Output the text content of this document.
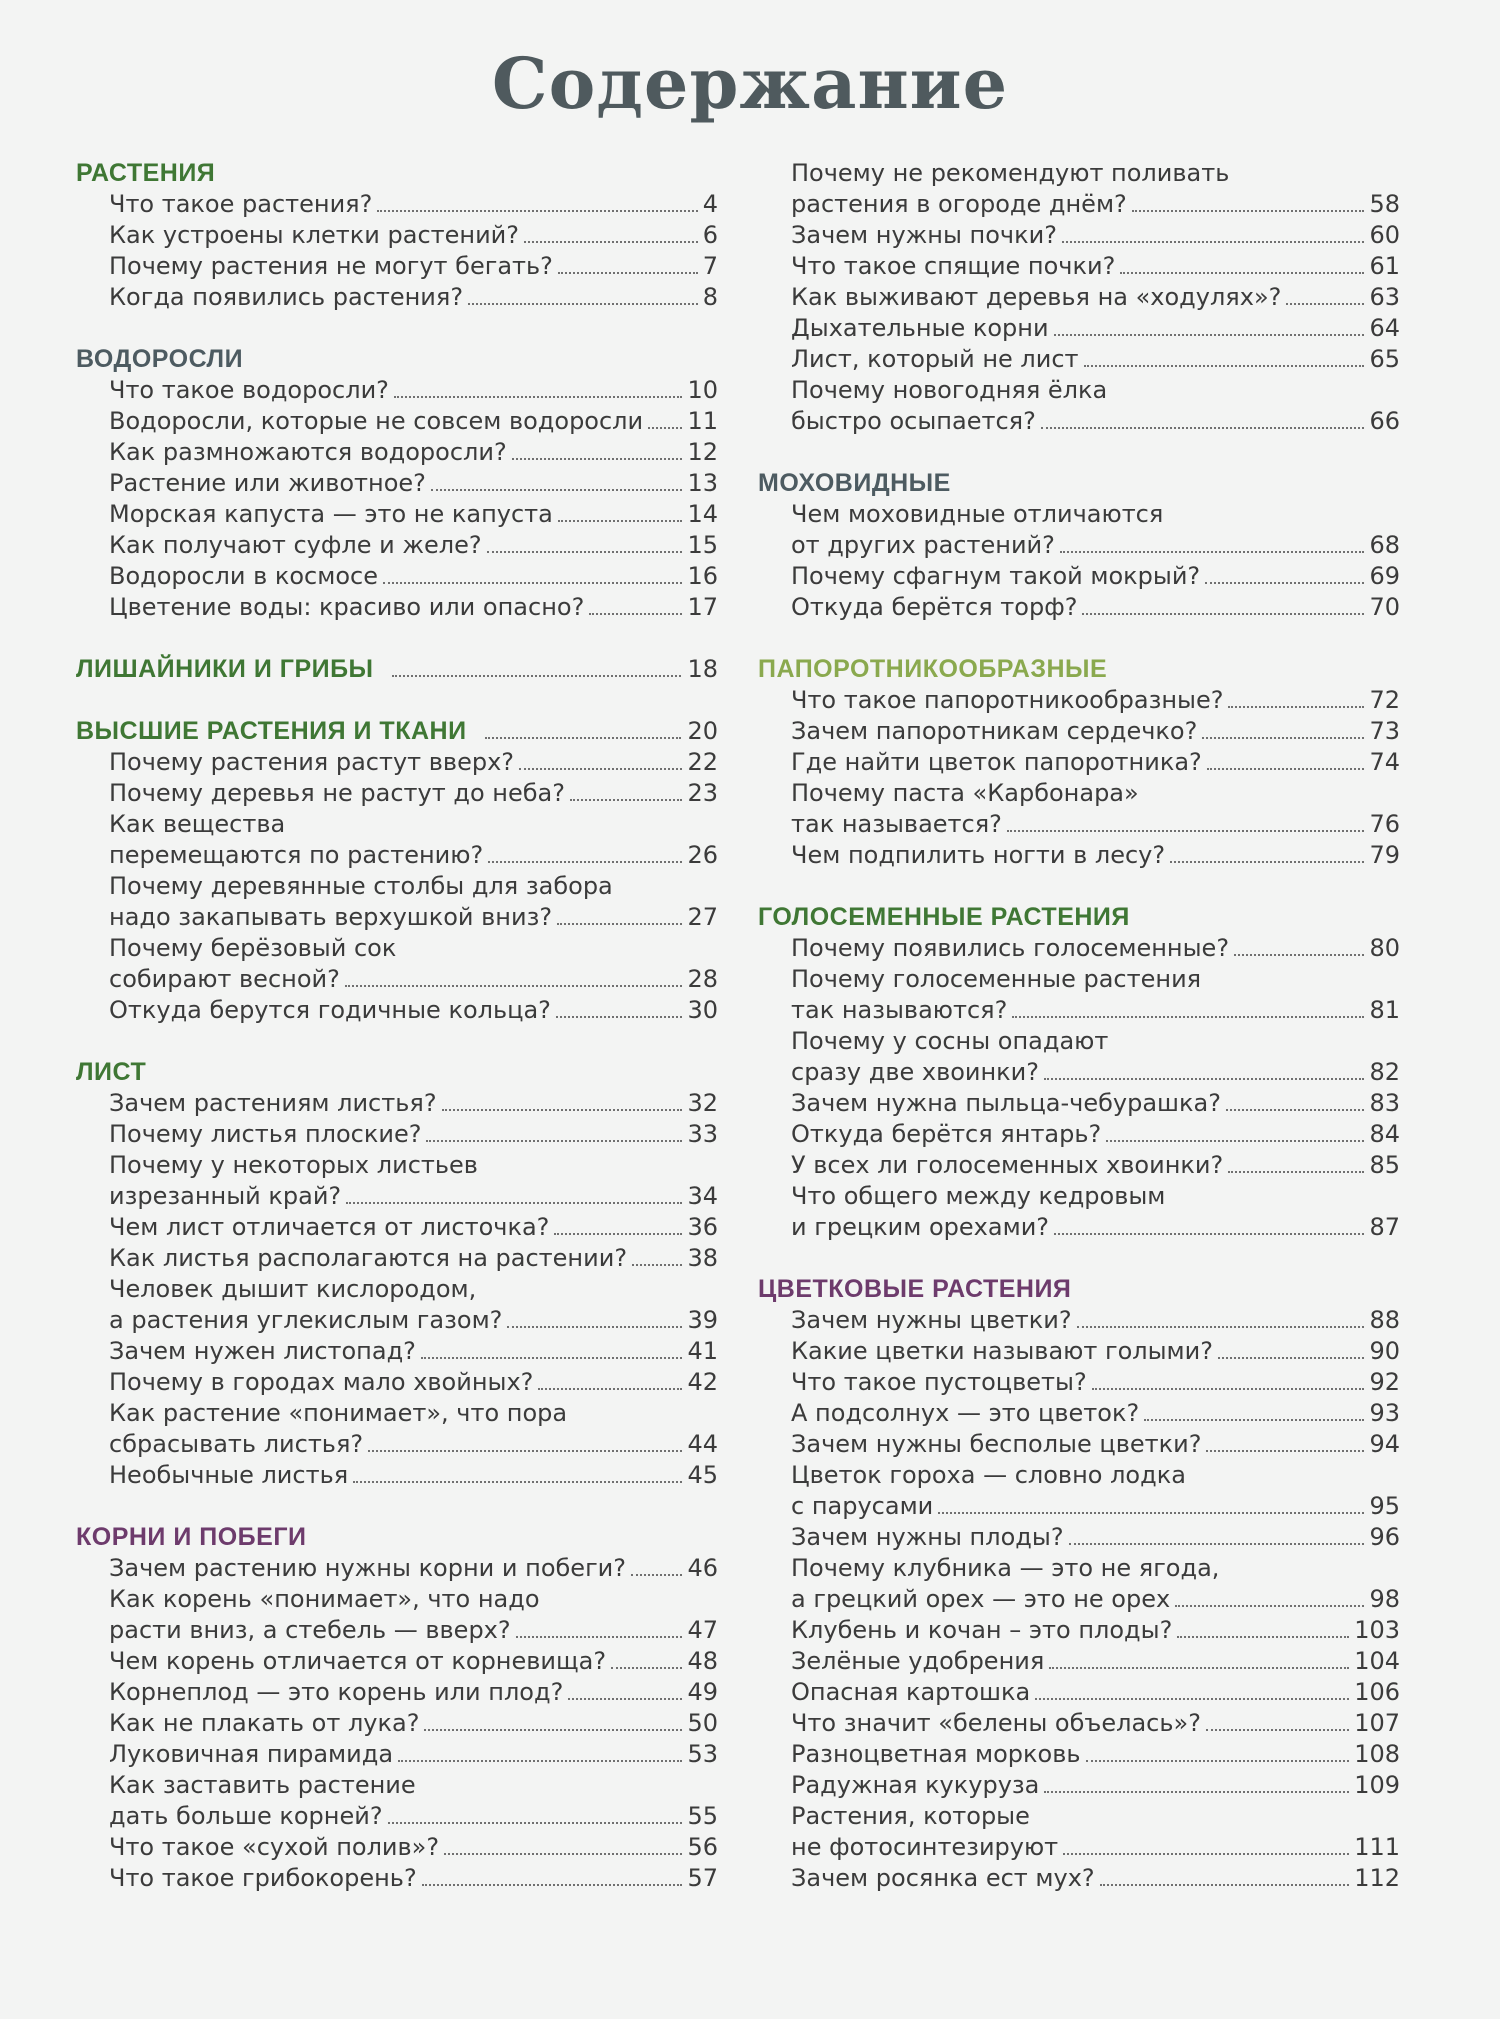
Содержание
РАСТЕНИЯ
Что такое растения?	4
Как устроены клетки растений?	6
Почему растения не могут бегать?	7
Когда появились растения?	8
ВОДОРОСЛИ
Что такое водоросли?	10
Водоросли, которые не совсем водоросли 11
Как размножаются водоросли?	12
Растение или животное?	13
Морская капуста — это не капуста	14
Как получают суфле и желе?	15
Водоросли в космосе	16
Цветение воды: красиво или опасно?	17
ЛИШАЙНИКИ И ГРИБЫ	18
ВЫСШИЕ РАСТЕНИЯ И ТКАНИ	20
Почему растения растут вверх?	22
Почему деревья не растут до неба?	23
Как вещества
перемещаются по растению?	26
Почему деревянные столбы для забора
надо закапывать верхушкой вниз?	27
Почему берёзовый сок
собирают весной?	28
Откуда берутся годичные кольца?	30
ЛИСТ
Зачем растениям листья?	32
Почему листья плоские?	33
Почему у некоторых листьев
изрезанный край?	34
Чем лист отличается от листочка?	36
Как листья располагаются на растении?	38
Человек дышит кислородом,
а растения углекислым газом?	39
Зачем нужен листопад?	41
Почему в городах мало хвойных?	42
Как растение «понимает», что пора
сбрасывать листья?	44
Необычные листья	45
КОРНИ И ПОБЕГИ
Зачем растению нужны корни и побеги?	46
Как корень «понимает», что надо
расти вниз, а стебель — вверх?	47
Чем корень отличается от корневища?	48
Корнеплод — это корень или плод?	49
Как не плакать от лука?	50
Луковичная пирамида	53
Как заставить растение
дать больше корней?	55
Что такое «сухой полив»?	56
Что такое грибокорень?	57
Почему не рекомендуют поливать
растения в огороде днём?	58
Зачем нужны почки?	60
Что такое спящие почки?	61
Как выживают деревья на «ходулях»?	63
Дыхательные корни	64
Лист, который не лист	65
Почему новогодняя ёлка
быстро осыпается?	66
МОХОВИДНЫЕ
Чем моховидные отличаются
от других растений?	68
Почему сфагнум такой мокрый?	69
Откуда берётся торф?	70
ПАПОРОТНИКООБРАЗНЫЕ
Что такое папоротникообразные?	72
Зачем папоротникам сердечко?	73
Где найти цветок папоротника?	74
Почему паста «Карбонара»
так называется?	76
Чем подпилить ногти в лесу?	79
ГОЛОСЕМЕННЫЕ РАСТЕНИЯ
Почему появились голосеменные?	80
Почему голосеменные растения
так называются?	81
Почему у сосны опадают
сразу две хвоинки?	82
Зачем нужна пыльца-чебурашка?	83
Откуда берётся янтарь?	84
У всех ли голосеменных хвоинки?	85
Что общего между кедровым
и грецким орехами?	87
ЦВЕТКОВЫЕ РАСТЕНИЯ
Зачем нужны цветки?	88
Какие цветки называют голыми?	90
Что такое пустоцветы?	92
А подсолнух — это цветок?	93
Зачем нужны бесполые цветки?	94
Цветок гороха — словно лодка
с парусами	95
Зачем нужны плоды?	96
Почему клубника — это не ягода,
а грецкий орех — это не орех	98
Клубень и кочан – это плоды?	103
Зелёные удобрения	104
Опасная картошка	106
Что значит «белены объелась»?	107
Разноцветная морковь	108
Радужная кукуруза	109
Растения, которые
не фотосинтезируют	111
Зачем росянка ест мух?	112
